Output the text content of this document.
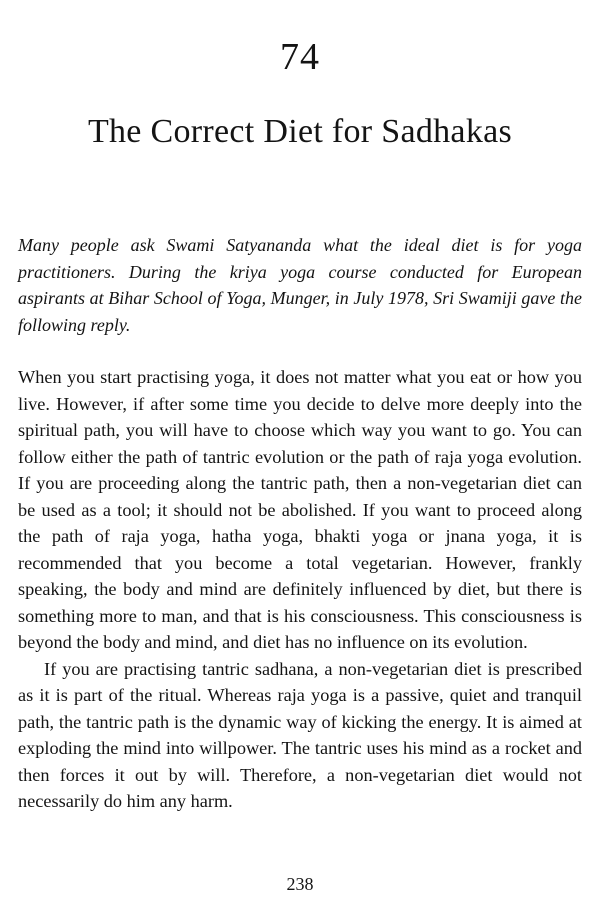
74
The Correct Diet for Sadhakas

Many people ask Swami Satyananda what the ideal diet is for yoga practitioners. During the kriya yoga course conducted for European aspirants at Bihar School of Yoga, Munger, in July 1978, Sri Swamiji gave the following reply.

When you start practising yoga, it does not matter what you eat or how you live. However, if after some time you decide to delve more deeply into the spiritual path, you will have to choose which way you want to go. You can follow either the path of tantric evolution or the path of raja yoga evolution. If you are proceeding along the tantric path, then a non-vegetarian diet can be used as a tool; it should not be abolished. If you want to proceed along the path of raja yoga, hatha yoga, bhakti yoga or jnana yoga, it is recommended that you become a total vegetarian. However, frankly speaking, the body and mind are definitely influenced by diet, but there is something more to man, and that is his consciousness. This consciousness is beyond the body and mind, and diet has no influence on its evolution.

If you are practising tantric sadhana, a non-vegetarian diet is prescribed as it is part of the ritual. Whereas raja yoga is a passive, quiet and tranquil path, the tantric path is the dynamic way of kicking the energy. It is aimed at exploding the mind into willpower. The tantric uses his mind as a rocket and then forces it out by will. Therefore, a non-vegetarian diet would not necessarily do him any harm.

238
